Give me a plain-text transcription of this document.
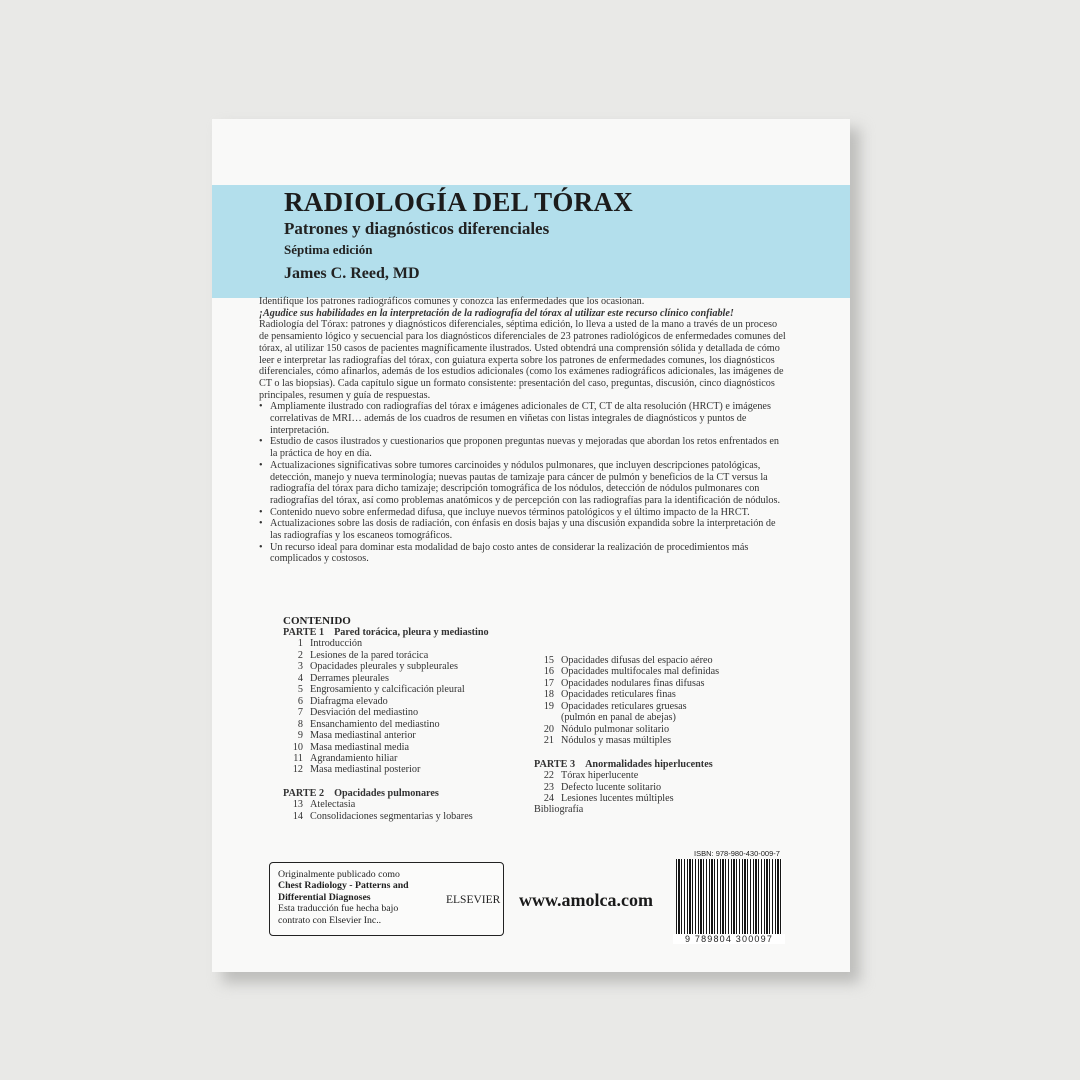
RADIOLOGÍA DEL TÓRAX
Patrones y diagnósticos diferenciales

Séptima edición

James C. Reed, MD

Identifique los patrones radiográficos comunes y conozca las enfermedades que los ocasionan.

¡Agudice sus habilidades en la interpretación de la radiografía del tórax al utilizar este recurso clínico confiable!

Radiología del Tórax: patrones y diagnósticos diferenciales, séptima edición, lo lleva a usted de la mano a través de un proceso de pensamiento lógico y secuencial para los diagnósticos diferenciales de 23 patrones radiológicos de enfermedades comunes del tórax, al utilizar 150 casos de pacientes magníficamente ilustrados. Usted obtendrá una comprensión sólida y detallada de cómo leer e interpretar las radiografías del tórax, con guiatura experta sobre los patrones de enfermedades comunes, los diagnósticos diferenciales, cómo afinarlos, además de los estudios adicionales (como los exámenes radiográficos adicionales, las imágenes de CT o las biopsias). Cada capítulo sigue un formato consistente: presentación del caso, preguntas, discusión, cinco diagnósticos principales, resumen y guía de respuestas.

• Ampliamente ilustrado con radiografías del tórax e imágenes adicionales de CT, CT de alta resolución (HRCT) e imágenes correlativas de MRI… además de los cuadros de resumen en viñetas con listas integrales de diagnósticos y puntos de interpretación.
• Estudio de casos ilustrados y cuestionarios que proponen preguntas nuevas y mejoradas que abordan los retos enfrentados en la práctica de hoy en día.
• Actualizaciones significativas sobre tumores carcinoides y nódulos pulmonares, que incluyen descripciones patológicas, detección, manejo y nueva terminología; nuevas pautas de tamizaje para cáncer de pulmón y beneficios de la CT versus la radiografía del tórax para dicho tamizaje; descripción tomográfica de los nódulos, detección de nódulos pulmonares con radiografías del tórax, así como problemas anatómicos y de percepción con las radiografías para la identificación de nódulos.
• Contenido nuevo sobre enfermedad difusa, que incluye nuevos términos patológicos y el último impacto de la HRCT.
• Actualizaciones sobre las dosis de radiación, con énfasis en dosis bajas y una discusión expandida sobre la interpretación de las radiografías y los escaneos tomográficos.
• Un recurso ideal para dominar esta modalidad de bajo costo antes de considerar la realización de procedimientos más complicados y costosos.

CONTENIDO

PARTE 1 Pared torácica, pleura y mediastino

1 Introducción
2 Lesiones de la pared torácica
3 Opacidades pleurales y subpleurales
4 Derrames pleurales
5 Engrosamiento y calcificación pleural
6 Diafragma elevado
7 Desviación del mediastino
8 Ensanchamiento del mediastino
9 Masa mediastinal anterior
10 Masa mediastinal media
11 Agrandamiento hiliar
12 Masa mediastinal posterior

PARTE 2 Opacidades pulmonares

13 Atelectasia
14 Consolidaciones segmentarias y lobares
15 Opacidades difusas del espacio aéreo
16 Opacidades multifocales mal definidas
17 Opacidades nodulares finas difusas
18 Opacidades reticulares finas
19 Opacidades reticulares gruesas
(pulmón en panal de abejas)
20 Nódulo pulmonar solitario
21 Nódulos y masas múltiples

PARTE 3 Anormalidades hiperlucentes

22 Tórax hiperlucente
23 Defecto lucente solitario
24 Lesiones lucentes múltiples

Bibliografía

Originalmente publicado como

Chest Radiology - Patterns and

Differential Diagnoses

Esta traducción fue hecha bajo

contrato con Elsevier Inc..

ELSEVIER www.amolca.com

ISBN: 978-980-430-009-7

9 789804 300097
